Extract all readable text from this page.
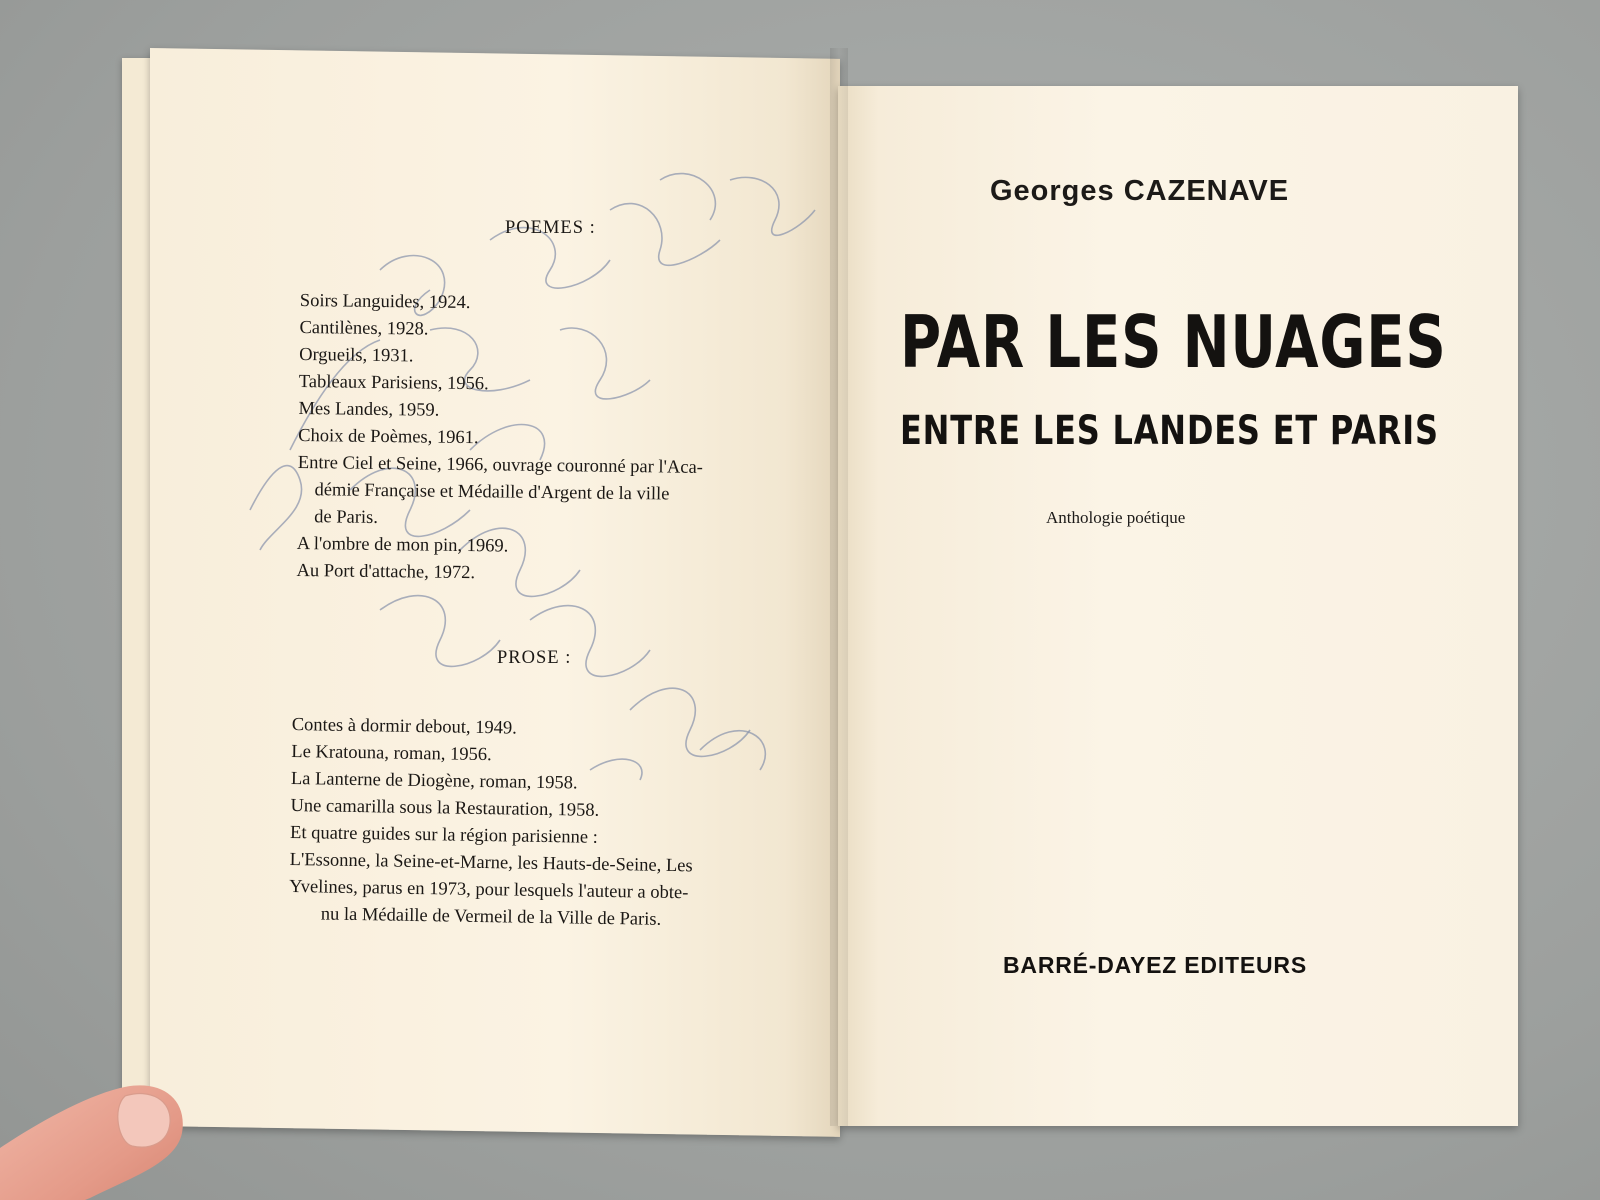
POEMES :
Soirs Languides, 1924.
Cantilènes, 1928.
Orgueils, 1931.
Tableaux Parisiens, 1956.
Mes Landes, 1959.
Choix de Poèmes, 1961.
Entre Ciel et Seine, 1966, ouvrage couronné par l'Aca-
démie Française et Médaille d'Argent de la ville
de Paris.
A l'ombre de mon pin, 1969.
Au Port d'attache, 1972.
PROSE :
Contes à dormir debout, 1949.
Le Kratouna, roman, 1956.
La Lanterne de Diogène, roman, 1958.
Une camarilla sous la Restauration, 1958.
Et quatre guides sur la région parisienne :
L'Essonne, la Seine-et-Marne, les Hauts-de-Seine, Les
Yvelines, parus en 1973, pour lesquels l'auteur a obte-
nu la Médaille de Vermeil de la Ville de Paris.
Georges CAZENAVE
PAR LES NUAGES
ENTRE LES LANDES ET PARIS
Anthologie poétique
BARRÉ-DAYEZ EDITEURS
